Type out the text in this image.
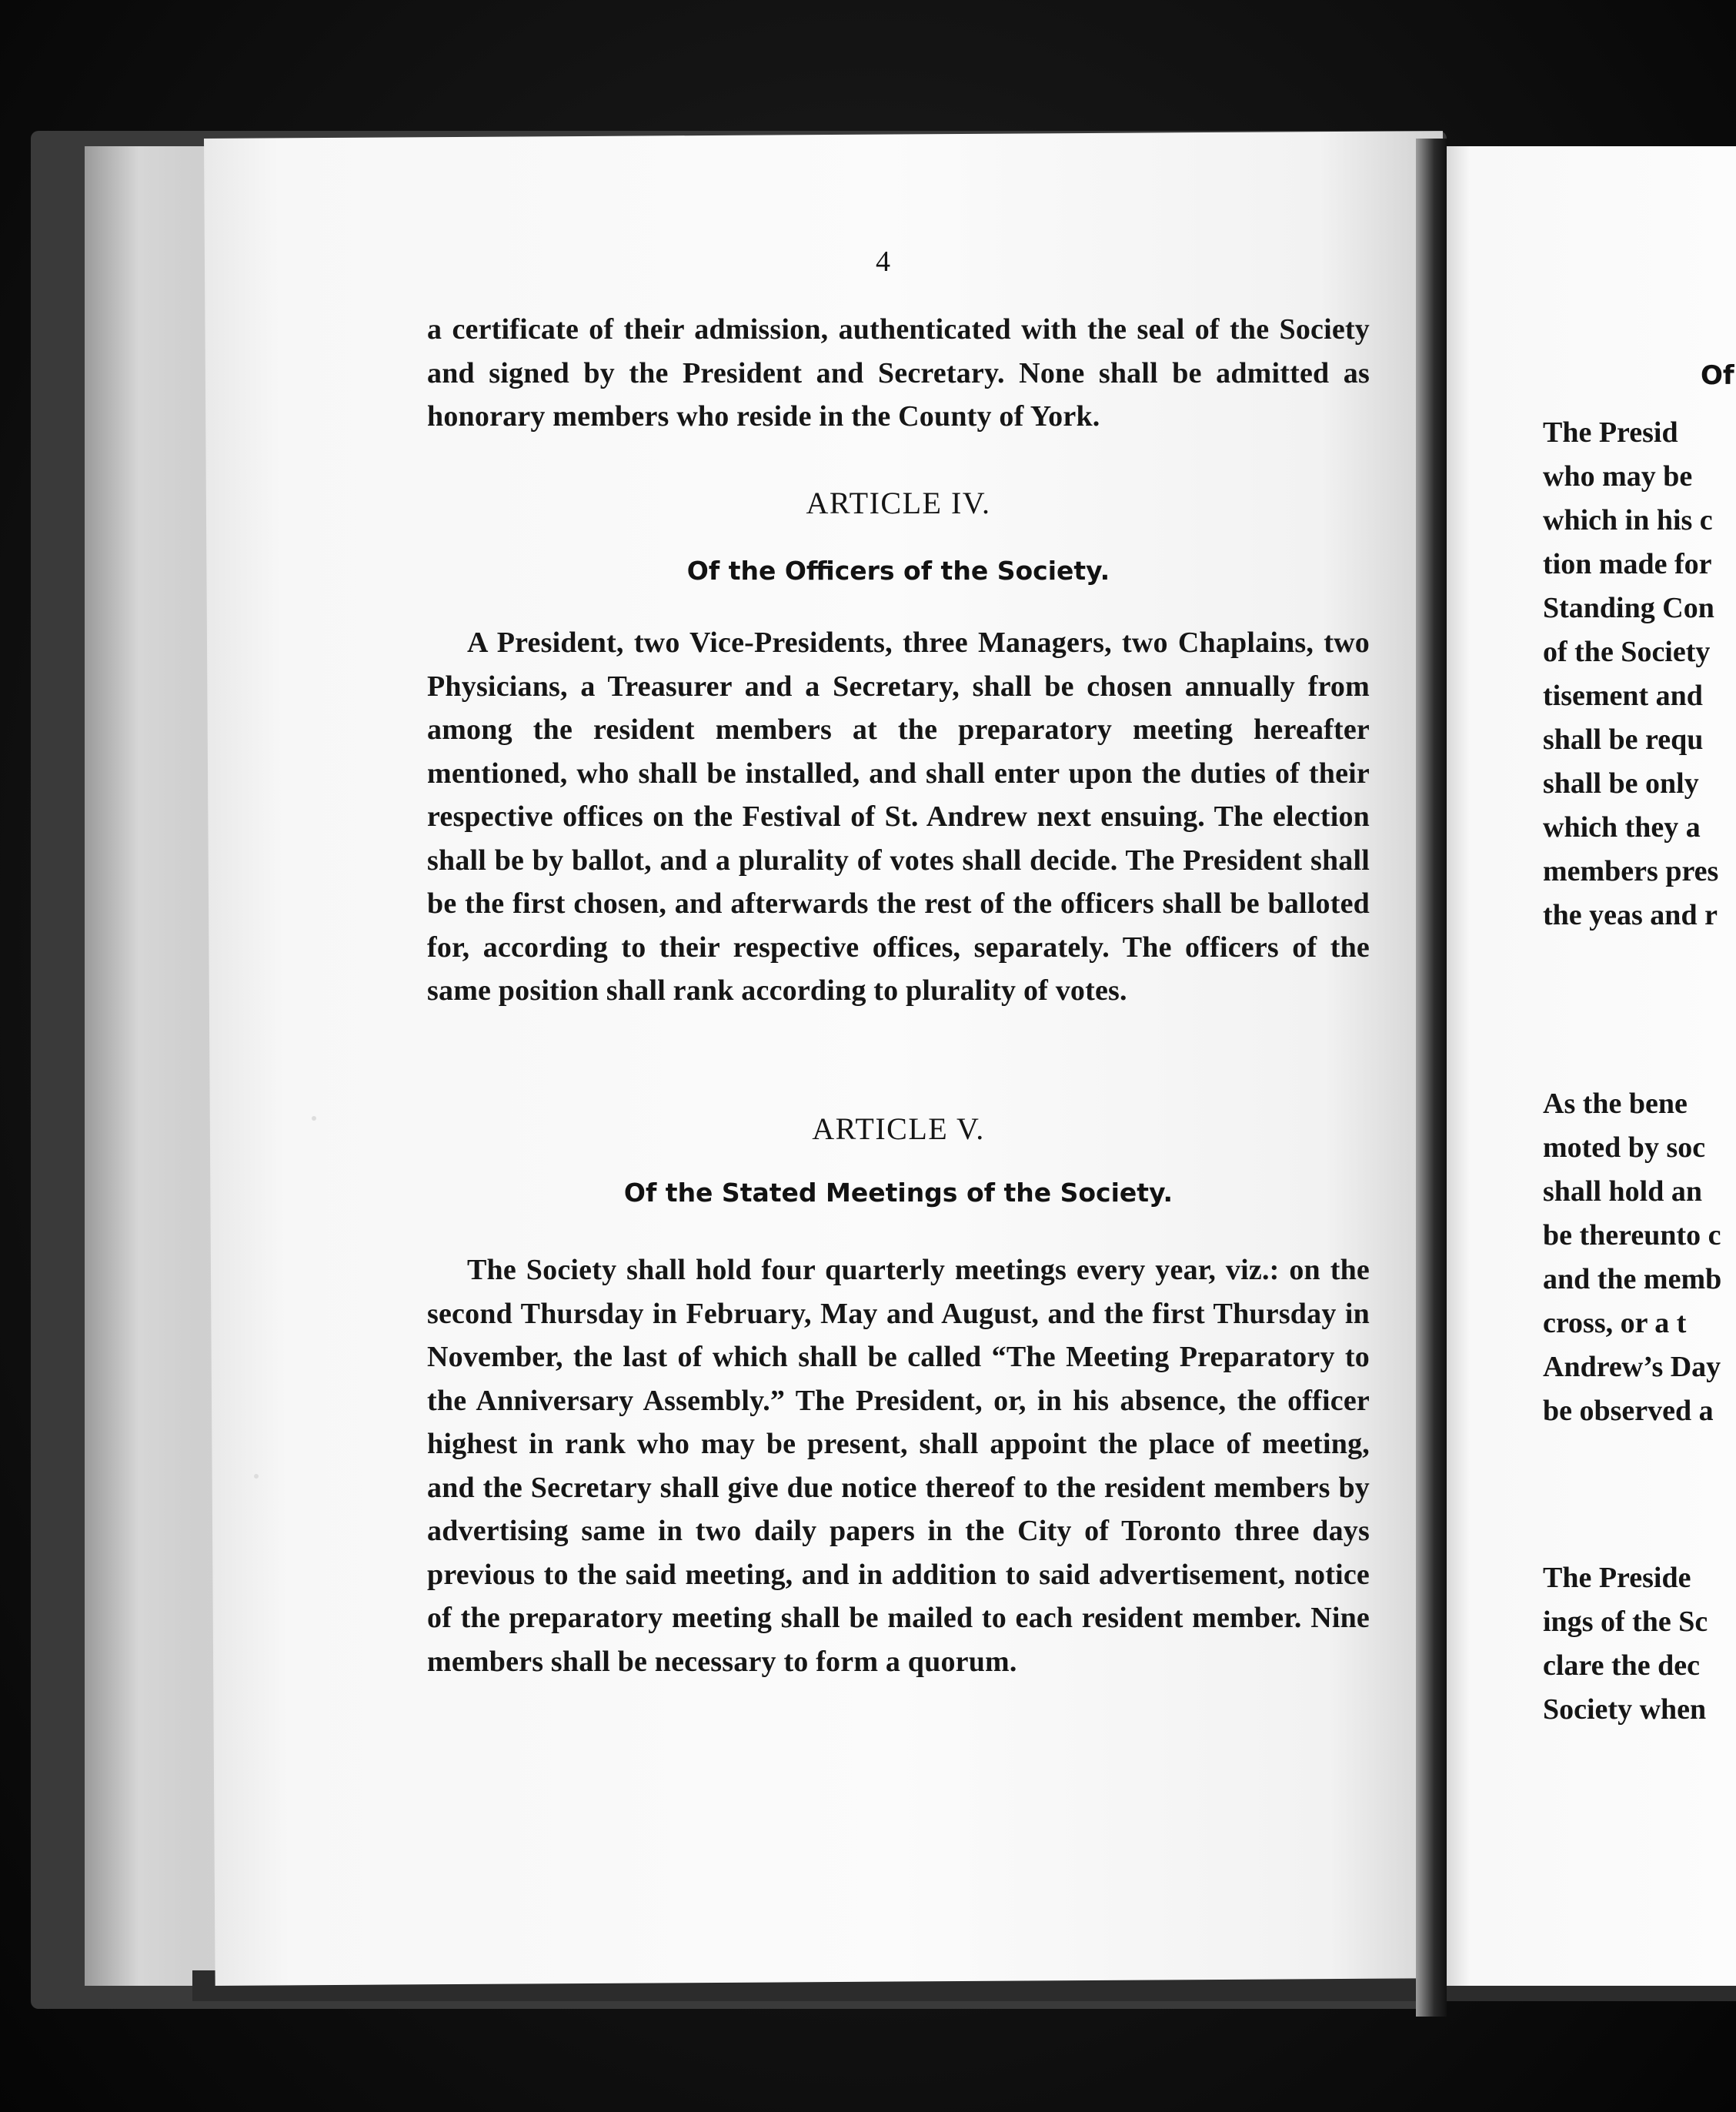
Of
The Presid
who may be
which in his c
tion made for
Standing Con
of the Society
tisement and
shall be requ
shall be only
which they a
members pres
the yeas and r
As the bene
moted by soc
shall hold an
be thereunto c
and the memb
cross, or a t
Andrew’s Day
be observed a
The Preside
ings of the Sc
clare the dec
Society when
4
a certificate of their admission, authenticated with the seal of the Society and signed by the President and Secretary. None shall be admitted as honorary members who reside in the County of York.
ARTICLE IV.
Of the Officers of the Society.
A President, two Vice-Presidents, three Managers, two Chaplains, two Physicians, a Treasurer and a Secretary, shall be chosen annually from among the resident members at the preparatory meeting hereafter mentioned, who shall be installed, and shall enter upon the duties of their respective offices on the Festival of St. Andrew next ensuing. The election shall be by ballot, and a plurality of votes shall decide. The President shall be the first chosen, and afterwards the rest of the officers shall be balloted for, according to their respective offices, separately. The officers of the same position shall rank according to plurality of votes.
ARTICLE V.
Of the Stated Meetings of the Society.
The Society shall hold four quarterly meetings every year, viz.: on the second Thursday in February, May and August, and the first Thursday in November, the last of which shall be called “The Meeting Preparatory to the Anniversary Assembly.” The President, or, in his absence, the officer highest in rank who may be present, shall appoint the place of meeting, and the Secretary shall give due notice thereof to the resident members by advertising same in two daily papers in the City of Toronto three days previous to the said meeting, and in addition to said advertisement, notice of the preparatory meeting shall be mailed to each resident member. Nine members shall be necessary to form a quorum.
